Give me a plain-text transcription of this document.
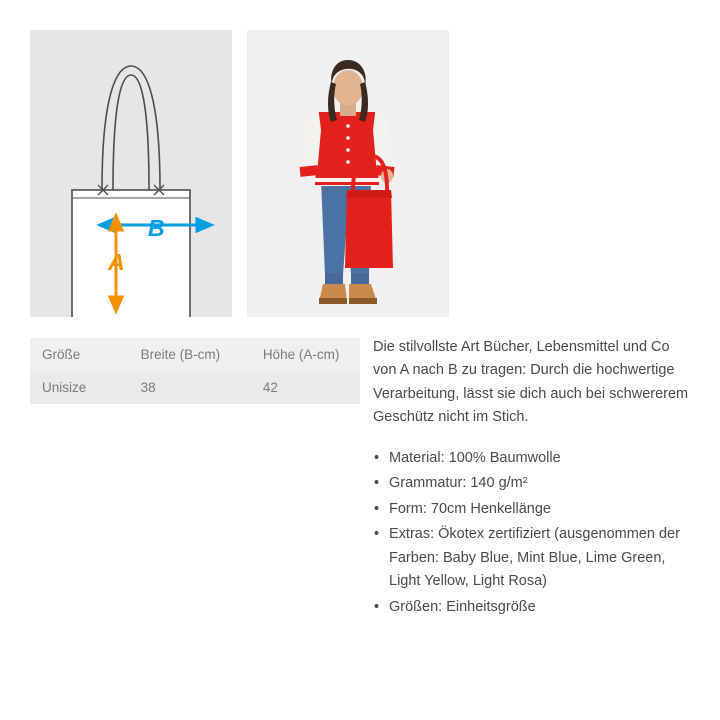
B
A
Größe	Breite (B-cm)	Höhe (A-cm)
Unisize	38	42

Die stilvollste Art Bücher, Lebensmittel und Co von A nach B zu tragen: Durch die hochwertige Verarbeitung, lässt sie dich auch bei schwererem Geschütz nicht im Stich.

• Material: 100% Baumwolle
• Grammatur: 140 g/m²
• Form: 70cm Henkellänge
• Extras: Ökotex zertifiziert (ausgenommen der Farben: Baby Blue, Mint Blue, Lime Green, Light Yellow, Light Rosa)
• Größen: Einheitsgröße
